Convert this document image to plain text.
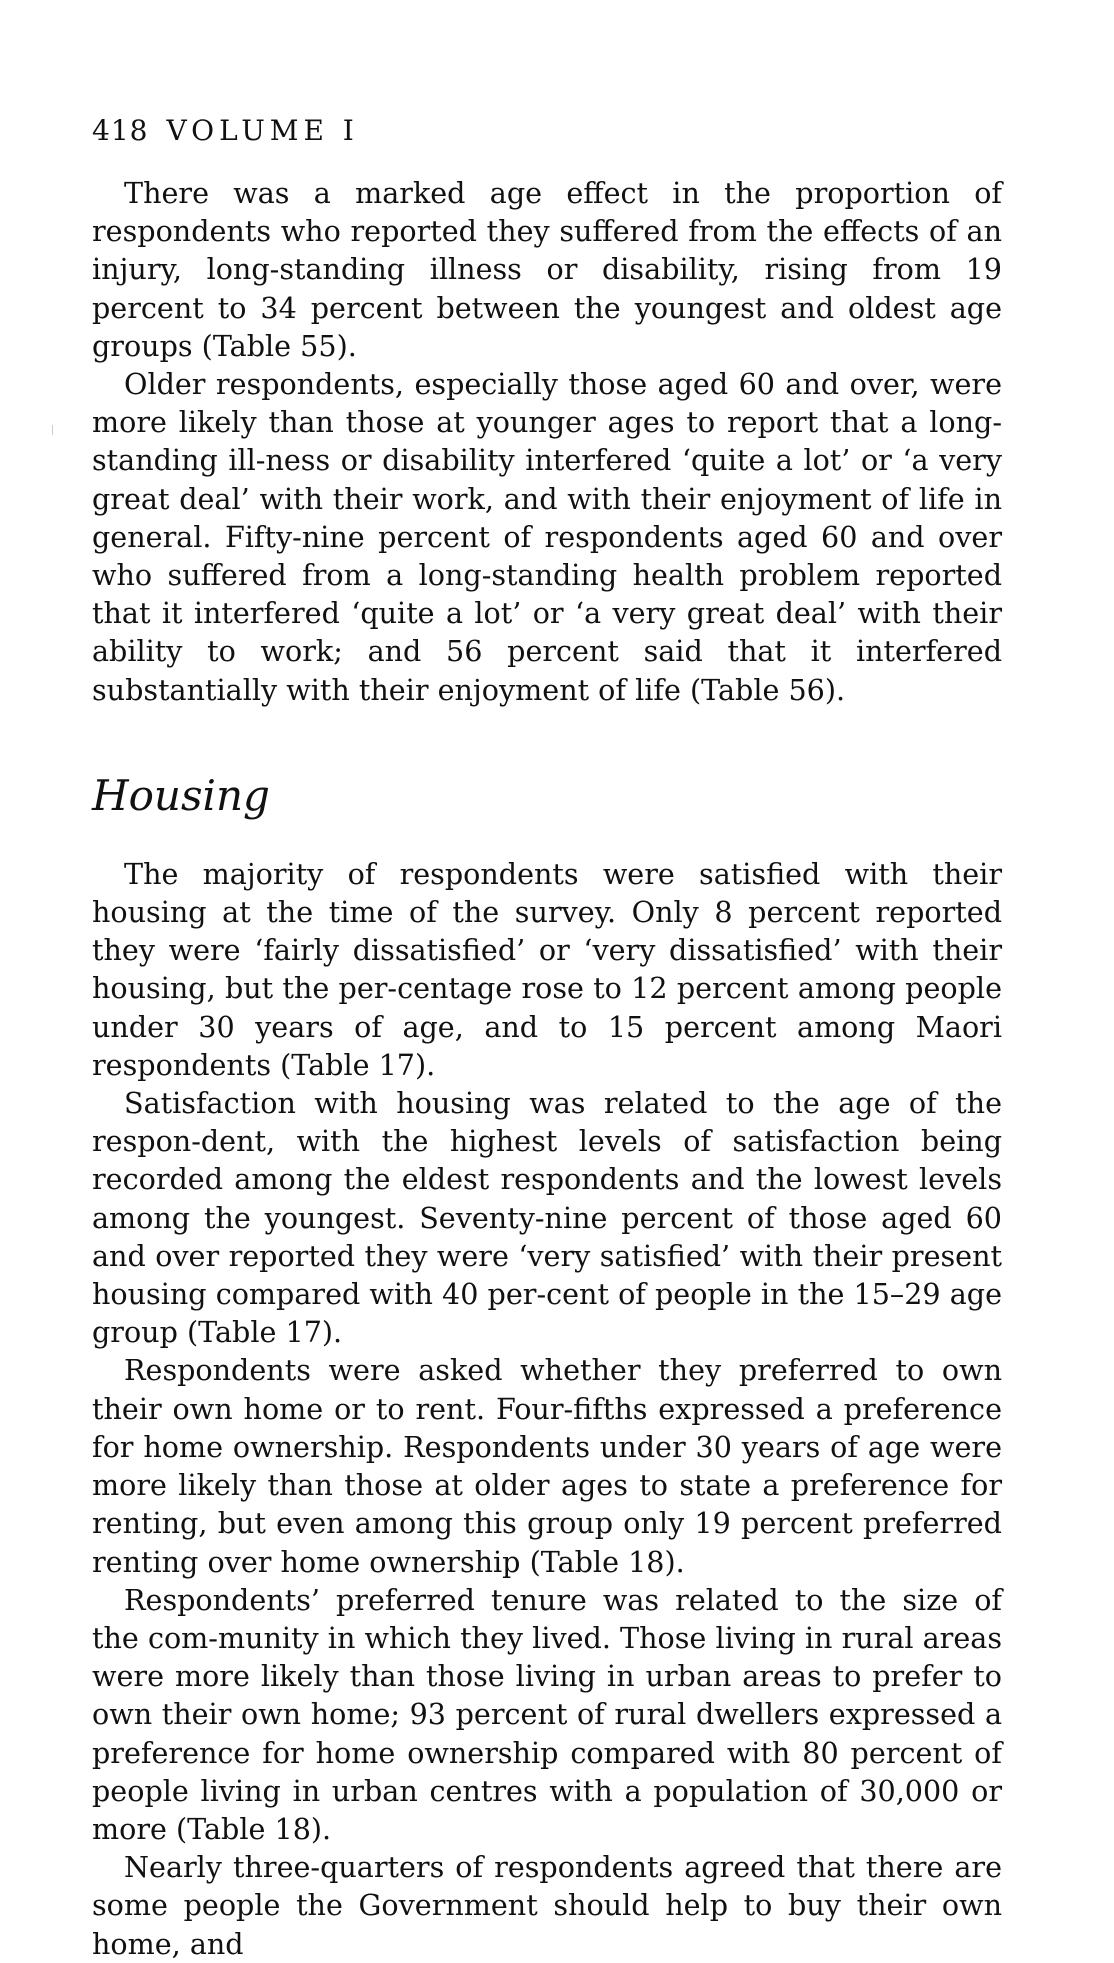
418 VOLUME I

There was a marked age effect in the proportion of respondents who reported they suffered from the effects of an injury, long-standing illness or disability, rising from 19 percent to 34 percent between the youngest and oldest age groups (Table 55).

Older respondents, especially those aged 60 and over, were more likely than those at younger ages to report that a long-standing ill-ness or disability interfered ‘quite a lot’ or ‘a very great deal’ with their work, and with their enjoyment of life in general. Fifty-nine percent of respondents aged 60 and over who suffered from a long-standing health problem reported that it interfered ‘quite a lot’ or ‘a very great deal’ with their ability to work; and 56 percent said that it interfered substantially with their enjoyment of life (Table 56).

Housing

The majority of respondents were satisfied with their housing at the time of the survey. Only 8 percent reported they were ‘fairly dissatisfied’ or ‘very dissatisfied’ with their housing, but the per-centage rose to 12 percent among people under 30 years of age, and to 15 percent among Maori respondents (Table 17).

Satisfaction with housing was related to the age of the respon-dent, with the highest levels of satisfaction being recorded among the eldest respondents and the lowest levels among the youngest. Seventy-nine percent of those aged 60 and over reported they were ‘very satisfied’ with their present housing compared with 40 per-cent of people in the 15–29 age group (Table 17).

Respondents were asked whether they preferred to own their own home or to rent. Four-fifths expressed a preference for home ownership. Respondents under 30 years of age were more likely than those at older ages to state a preference for renting, but even among this group only 19 percent preferred renting over home ownership (Table 18).

Respondents’ preferred tenure was related to the size of the com-munity in which they lived. Those living in rural areas were more likely than those living in urban areas to prefer to own their own home; 93 percent of rural dwellers expressed a preference for home ownership compared with 80 percent of people living in urban centres with a population of 30,000 or more (Table 18).

Nearly three-quarters of respondents agreed that there are some people the Government should help to buy their own home, and
